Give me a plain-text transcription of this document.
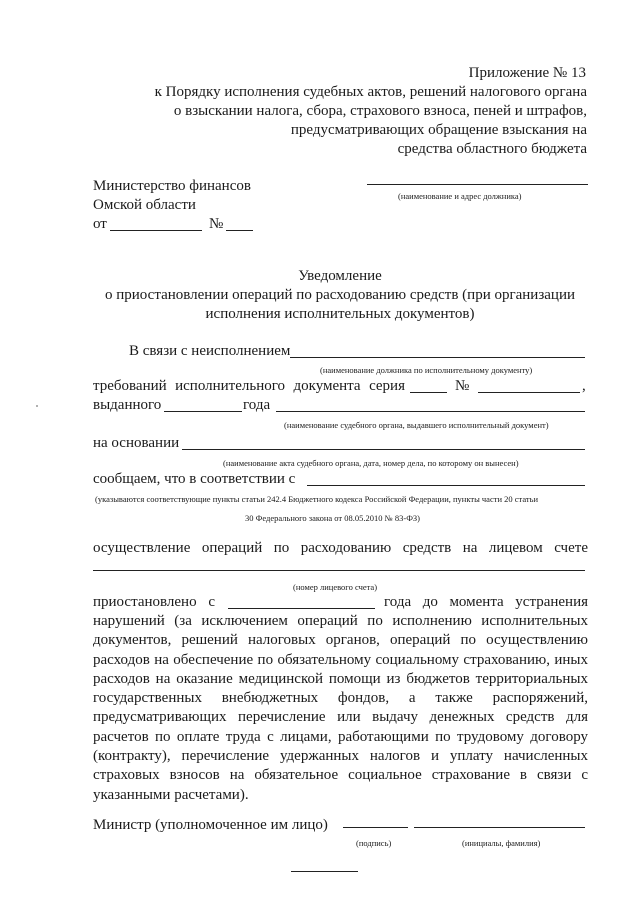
Приложение № 13
к Порядку исполнения судебных актов, решений налогового органа
о взыскании налога, сбора, страхового взноса, пеней и штрафов,
предусматривающих обращение взыскания на
средства областного бюджета
Министерство финансов
Омской области
от	№
(наименование и адрес должника)
Уведомление
о приостановлении операций по расходованию средств (при организации
исполнения исполнительных документов)
В связи с неисполнением
(наименование должника по исполнительному документу)
требований исполнительного документа серия	№	,
выданного	года
(наименование судебного органа, выдавшего исполнительный документ)
на основании
(наименование акта судебного органа, дата, номер дела, по которому он вынесен)
сообщаем, что в соответствии с
(указываются соответствующие пункты статьи 242.4 Бюджетного кодекса Российской Федерации, пункты части 20 статьи
30 Федерального закона от 08.05.2010 № 83-ФЗ)
осуществление операций по расходованию средств на лицевом счете
(номер лицевого счета)
приостановлено с	года до момента устранения
нарушений (за исключением операций по исполнению исполнительных документов, решений налоговых органов, операций по осуществлению расходов на обеспечение по обязательному социальному страхованию, иных расходов на оказание медицинской помощи из бюджетов территориальных государственных внебюджетных фондов, а также распоряжений, предусматривающих перечисление или выдачу денежных средств для расчетов по оплате труда с лицами, работающими по трудовому договору (контракту), перечисление удержанных налогов и уплату начисленных страховых взносов на обязательное социальное страхование в связи с указанными расчетами).
Министр (уполномоченное им лицо)
(подпись)	(инициалы, фамилия)
